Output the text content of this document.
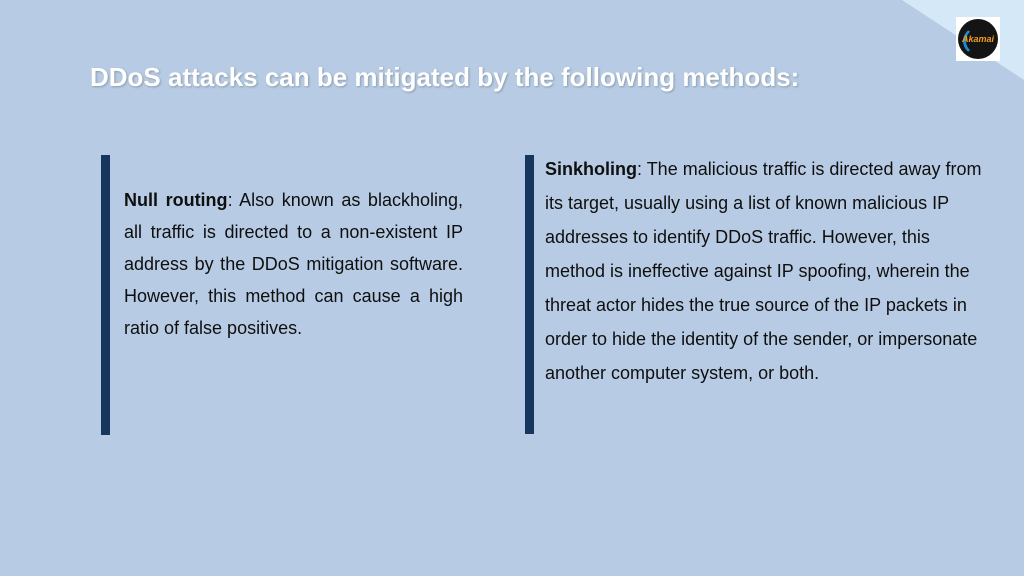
Akamai
DDoS attacks can be mitigated by the following methods:

Null routing: Also known as blackholing, all traffic is directed to a non-existent IP address by the DDoS mitigation software. However, this method can cause a high ratio of false positives.

Sinkholing: The malicious traffic is directed away from its target, usually using a list of known malicious IP addresses to identify DDoS traffic. However, this method is ineffective against IP spoofing, wherein the threat actor hides the true source of the IP packets in order to hide the identity of the sender, or impersonate another computer system, or both.
